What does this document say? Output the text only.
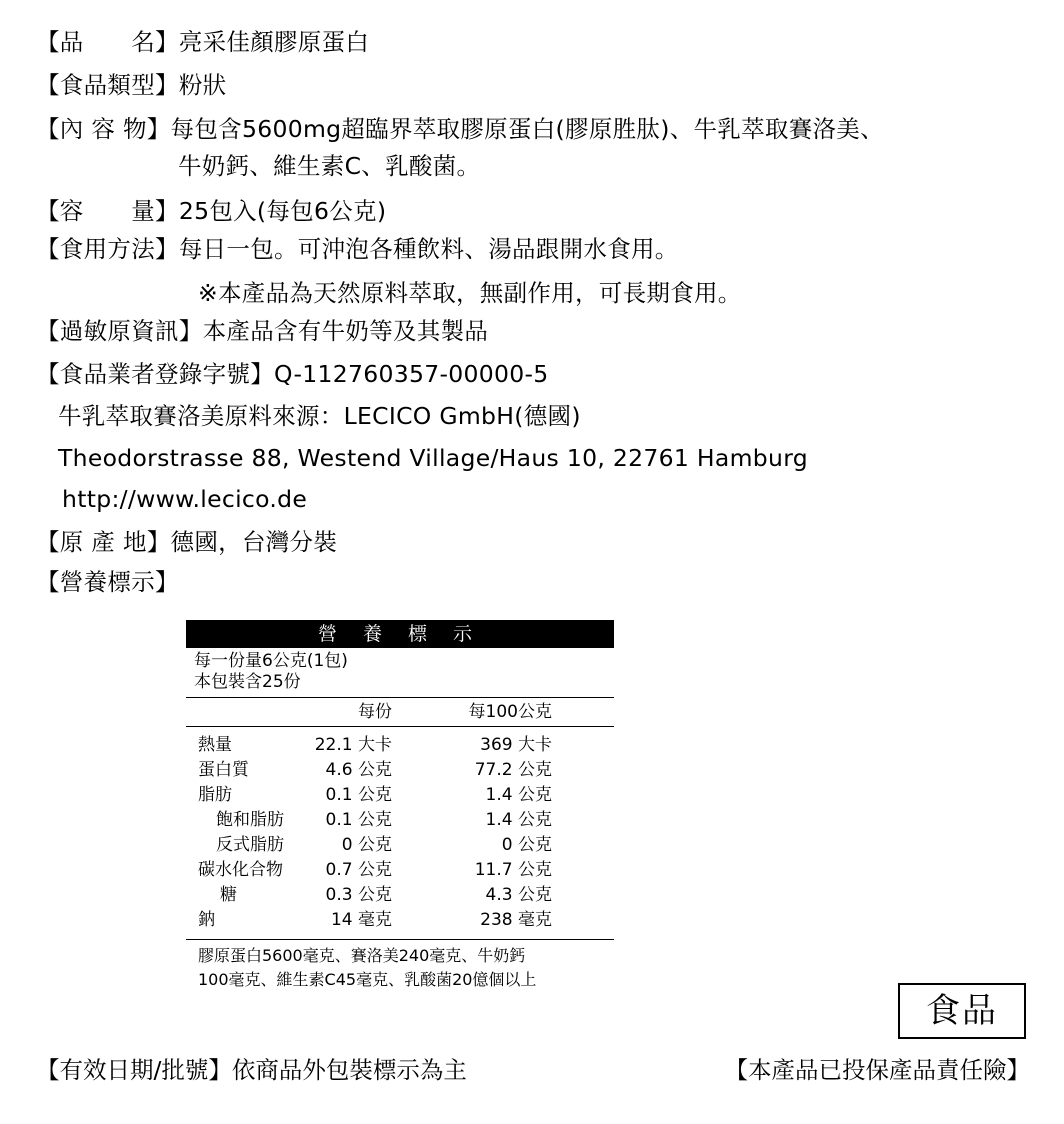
【品　　名】亮采佳顏膠原蛋白
【食品類型】粉狀
【內 容 物】每包含5600mg超臨界萃取膠原蛋白(膠原胜肽)、牛乳萃取賽洛美、
牛奶鈣、維生素C、乳酸菌。
【容　　量】25包入(每包6公克)
【食用方法】每日一包。可沖泡各種飲料、湯品跟開水食用。
※本產品為天然原料萃取，無副作用，可長期食用。
【過敏原資訊】本產品含有牛奶等及其製品
【食品業者登錄字號】Q-112760357-00000-5
牛乳萃取賽洛美原料來源：LECICO GmbH(德國)
Theodorstrasse 88, Westend Village/Haus 10, 22761 Hamburg
http://www.lecico.de
【原 產 地】德國，台灣分裝
【營養標示】
營 養 標 示
每一份量6公克(1包)
本包裝含25份
每份	每100公克
熱量	22.1 大卡	369 大卡
蛋白質	4.6 公克	77.2 公克
脂肪	0.1 公克	1.4 公克
飽和脂肪 0.1 公克	1.4 公克
反式脂肪	0 公克	0 公克
碳水化合物	0.7 公克	11.7 公克
糖	0.3 公克	4.3 公克
鈉	14 毫克	238 毫克
膠原蛋白5600毫克、賽洛美240毫克、牛奶鈣
100毫克、維生素C45毫克、乳酸菌20億個以上
食品
【有效日期/批號】依商品外包裝標示為主	【本產品已投保產品責任險】
